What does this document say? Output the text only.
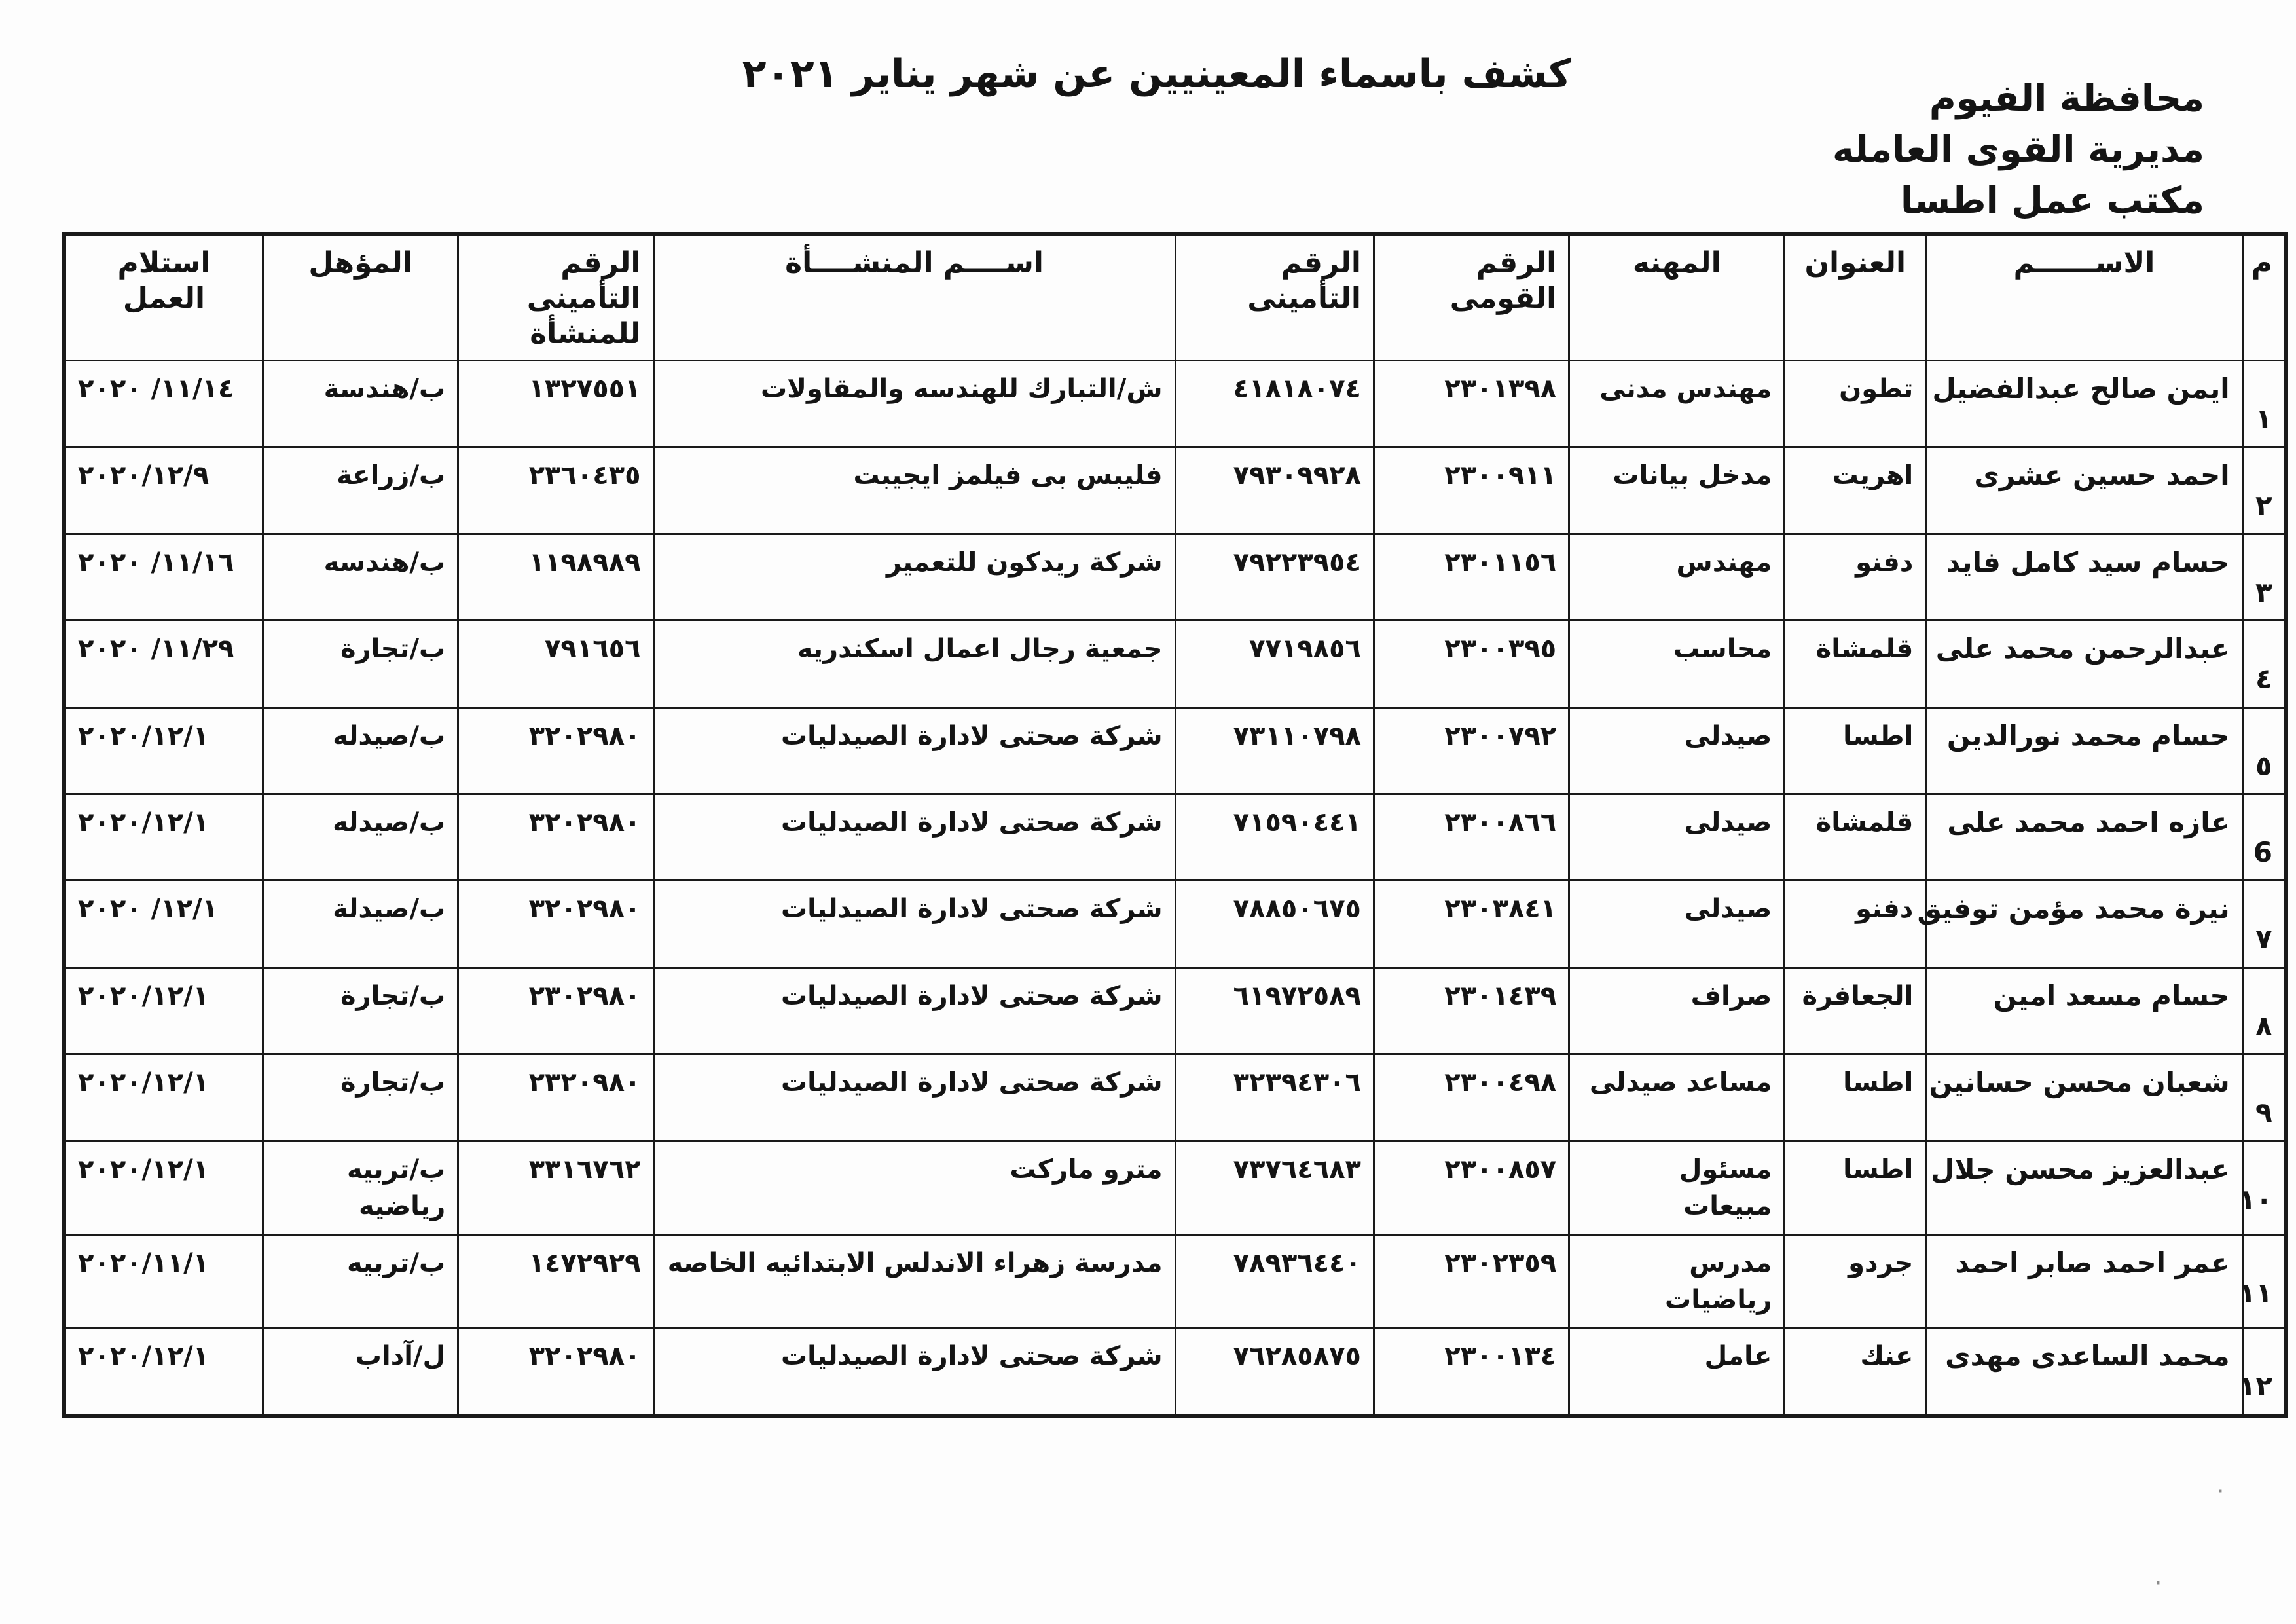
كشف باسماء المعينيين عن شهر يناير ٢٠٢١
محافظة الفيوم
مديرية القوى العامله
مكتب عمل اطسا
م	الاســــــم	العنوان	المهنه	الرقم القومى	الرقم التأمينى	اســــم المنشــــأة	الرقم التأمينى للمنشأة	المؤهل	استلام العمل
١	ايمن صالح عبدالفضيل	تطون	مهندس مدنى	٢٣٠١٣٩٨	٤١٨١٨٠٧٤	ش/التبارك للهندسه والمقاولات	١٣٢٧٥٥١	ب/هندسة	١١/١٤/ ٢٠٢٠
٢	احمد حسين عشرى	اهريت	مدخل بيانات	٢٣٠٠٩١١	٧٩٣٠٩٩٢٨	فليبس بى فيلمز ايجيبت	٢٣٦٠٤٣٥	ب/زراعة	٢٠٢٠/١٢/٩
٣	حسام سيد كامل فايد	دفنو	مهندس	٢٣٠١١٥٦	٧٩٢٢٣٩٥٤	شركة ريدكون للتعمير	١١٩٨٩٨٩	ب/هندسه	١١/١٦/ ٢٠٢٠
٤	عبدالرحمن محمد على	قلمشاة	محاسب	٢٣٠٠٣٩٥	٧٧١٩٨٥٦	جمعية رجال اعمال اسكندريه	٧٩١٦٥٦	ب/تجارة	١١/٢٩/ ٢٠٢٠
٥	حسام محمد نورالدين	اطسا	صيدلى	٢٣٠٠٧٩٢	٧٣١١٠٧٩٨	شركة صحتى لادارة الصيدليات	٣٢٠٢٩٨٠	ب/صيدله	٢٠٢٠/١٢/١
6	عازه احمد محمد على	قلمشاة	صيدلى	٢٣٠٠٨٦٦	٧١٥٩٠٤٤١	شركة صحتى لادارة الصيدليات	٣٢٠٢٩٨٠	ب/صيدله	٢٠٢٠/١٢/١
٧	نيرة محمد مؤمن توفيق	دفنو	صيدلى	٢٣٠٣٨٤١	٧٨٨٥٠٦٧٥	شركة صحتى لادارة الصيدليات	٣٢٠٢٩٨٠	ب/صيدلة	١٢/١/ ٢٠٢٠
٨	حسام مسعد امين	الجعافرة	صراف	٢٣٠١٤٣٩	٦١٩٧٢٥٨٩	شركة صحتى لادارة الصيدليات	٢٣٠٢٩٨٠	ب/تجارة	٢٠٢٠/١٢/١
٩	شعبان محسن حسانين	اطسا	مساعد صيدلى	٢٣٠٠٤٩٨	٣٢٣٩٤٣٠٦	شركة صحتى لادارة الصيدليات	٢٣٢٠٩٨٠	ب/تجارة	٢٠٢٠/١٢/١
١٠	عبدالعزيز محسن جلال	اطسا	مسئول مبيعات	٢٣٠٠٨٥٧	٧٣٧٦٤٦٨٣	مترو ماركت	٣٣١٦٧٦٢	ب/تربيه رياضيه	٢٠٢٠/١٢/١
١١	عمر احمد صابر احمد	جردو	مدرس رياضيات	٢٣٠٢٣٥٩	٧٨٩٣٦٤٤٠	مدرسة زهراء الاندلس الابتدائيه الخاصه	١٤٧٢٩٢٩	ب/تربيه	٢٠٢٠/١١/١
١٢	محمد الساعدى مهدى	عنك	عامل	٢٣٠٠١٣٤	٧٦٢٨٥٨٧٥	شركة صحتى لادارة الصيدليات	٣٢٠٢٩٨٠	ل/آداب	٢٠٢٠/١٢/١
·
·
